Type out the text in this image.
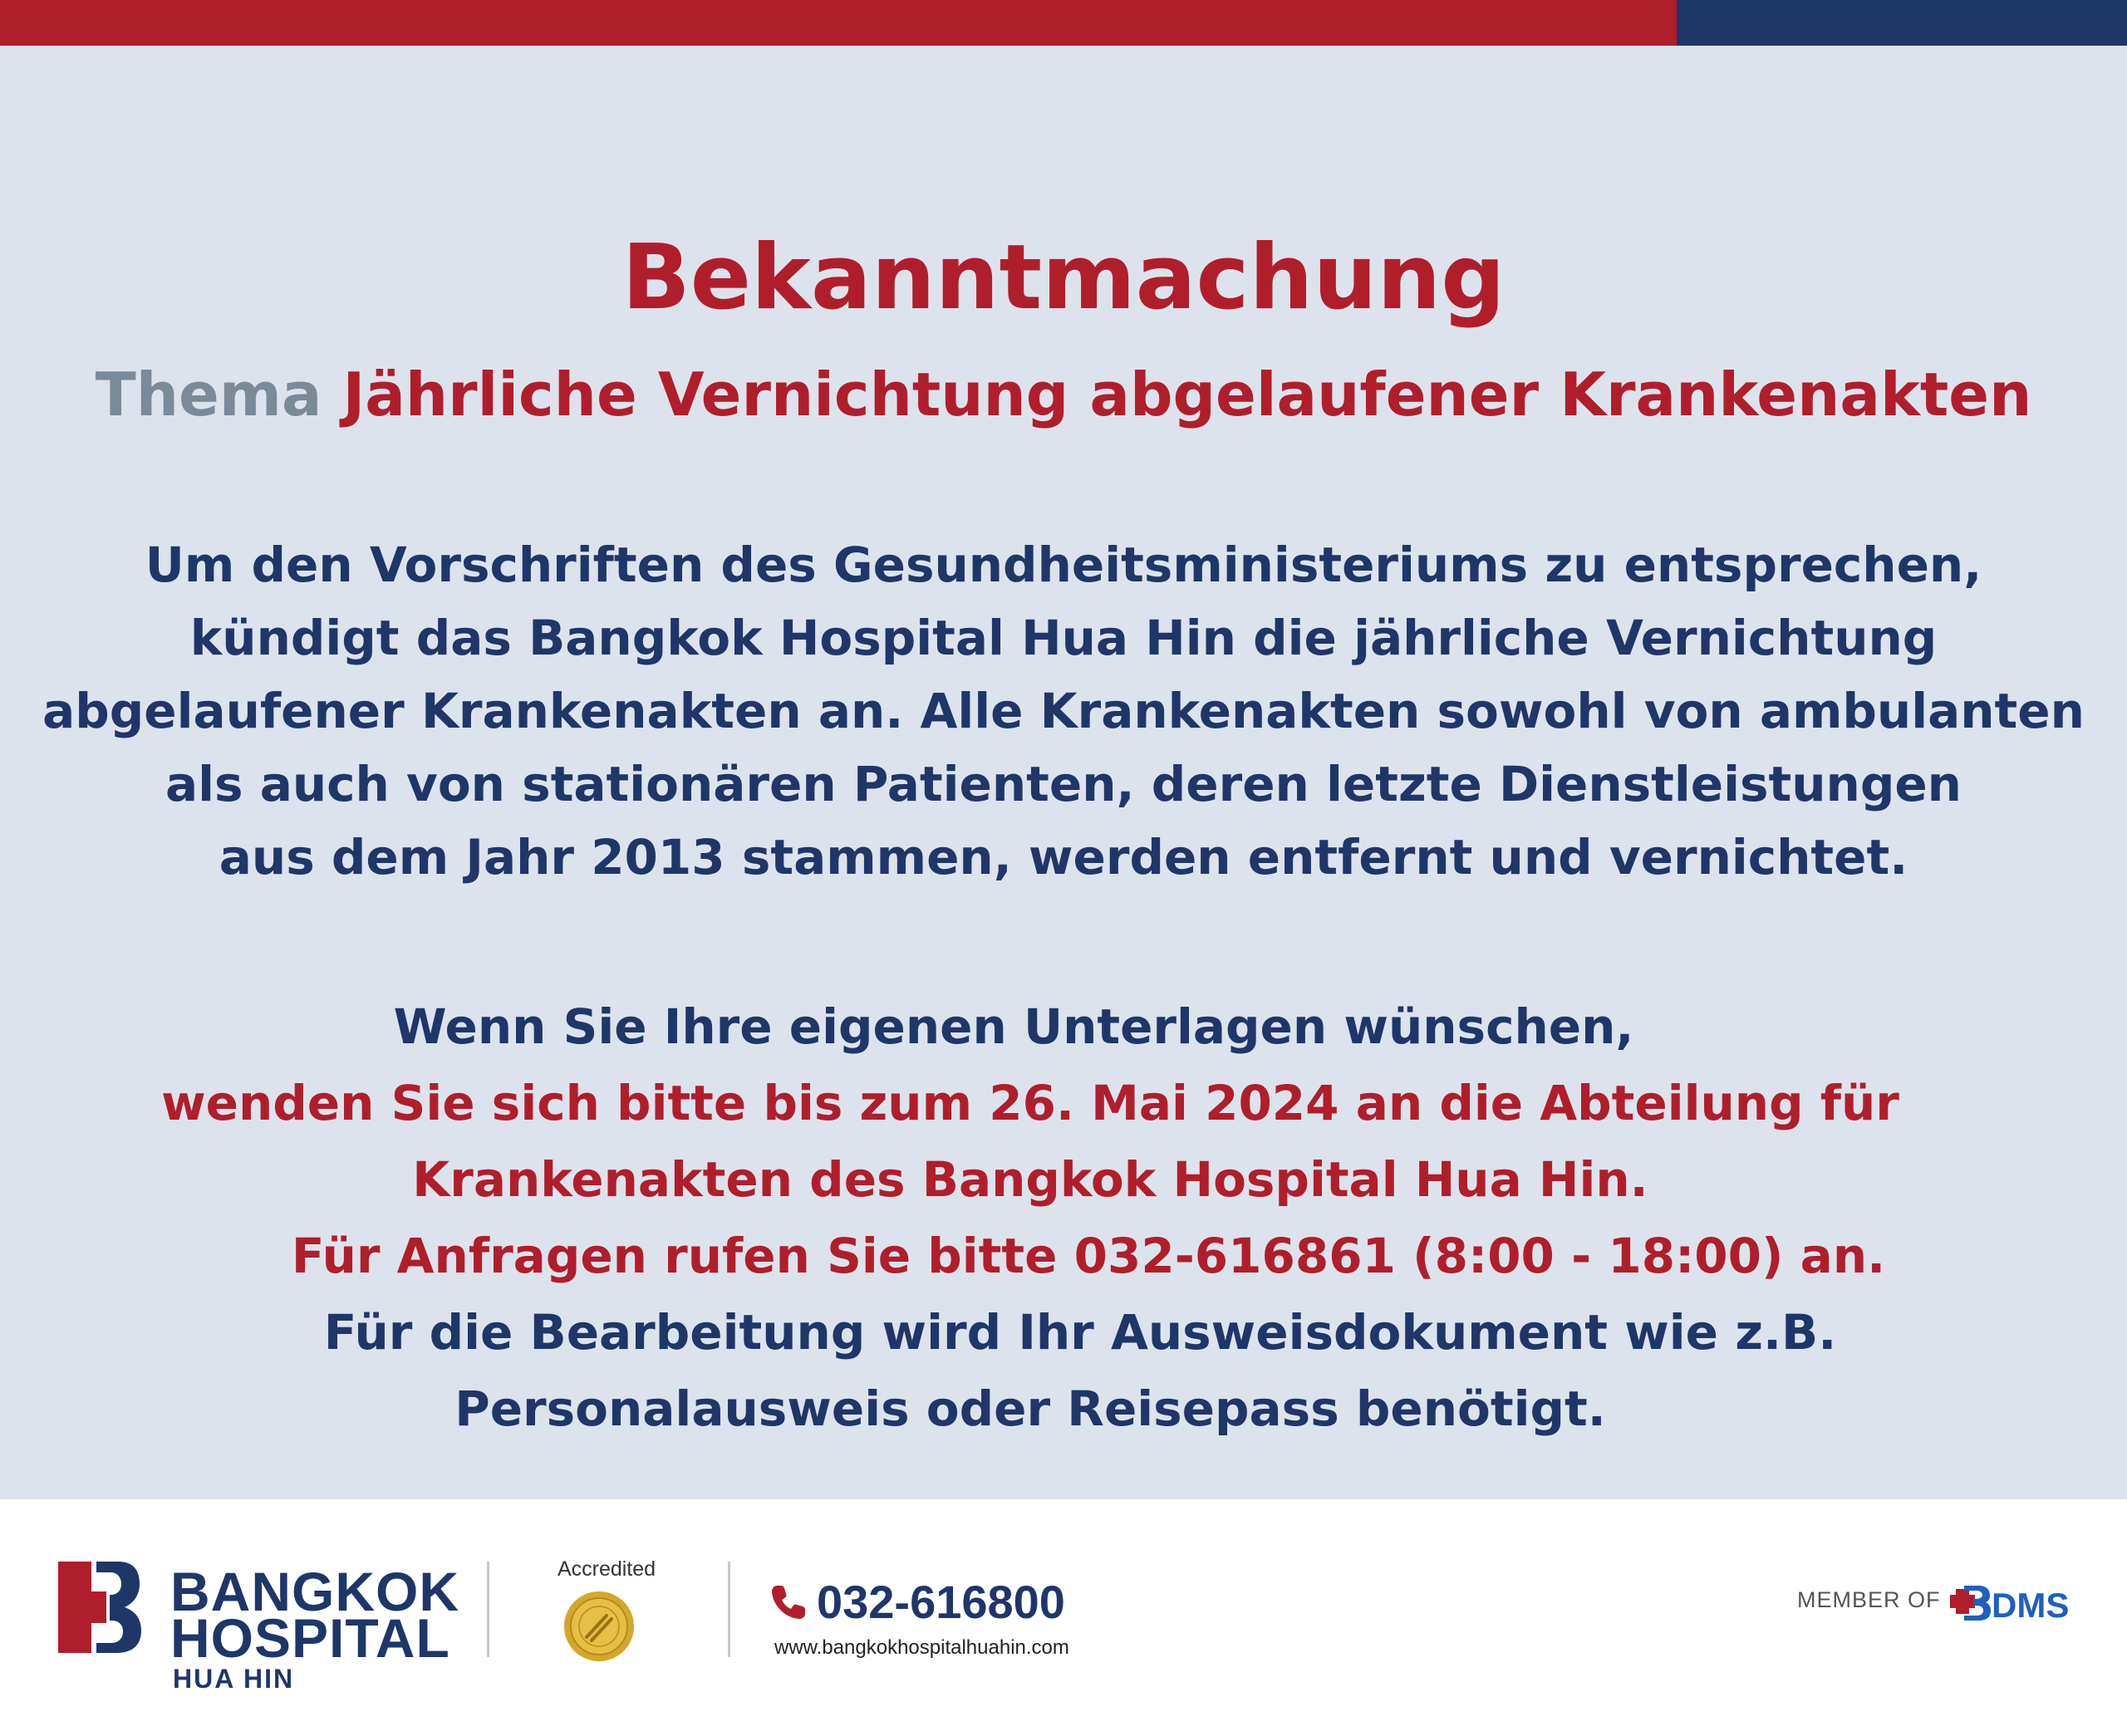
Bekanntmachung
Thema Jährliche Vernichtung abgelaufener Krankenakten
Um den Vorschriften des Gesundheitsministeriums zu entsprechen,
kündigt das Bangkok Hospital Hua Hin die jährliche Vernichtung
abgelaufener Krankenakten an. Alle Krankenakten sowohl von ambulanten
als auch von stationären Patienten, deren letzte Dienstleistungen
aus dem Jahr 2013 stammen, werden entfernt und vernichtet.
Wenn Sie Ihre eigenen Unterlagen wünschen,
wenden Sie sich bitte bis zum 26. Mai 2024 an die Abteilung für
Krankenakten des Bangkok Hospital Hua Hin.
Für Anfragen rufen Sie bitte 032-616861 (8:00 - 18:00) an.
Für die Bearbeitung wird Ihr Ausweisdokument wie z.B.
Personalausweis oder Reisepass benötigt.
BANGKOK
HOSPITAL
HUA HIN
Accredited
032-616800
www.bangkokhospitalhuahin.com
MEMBER OF DMS
